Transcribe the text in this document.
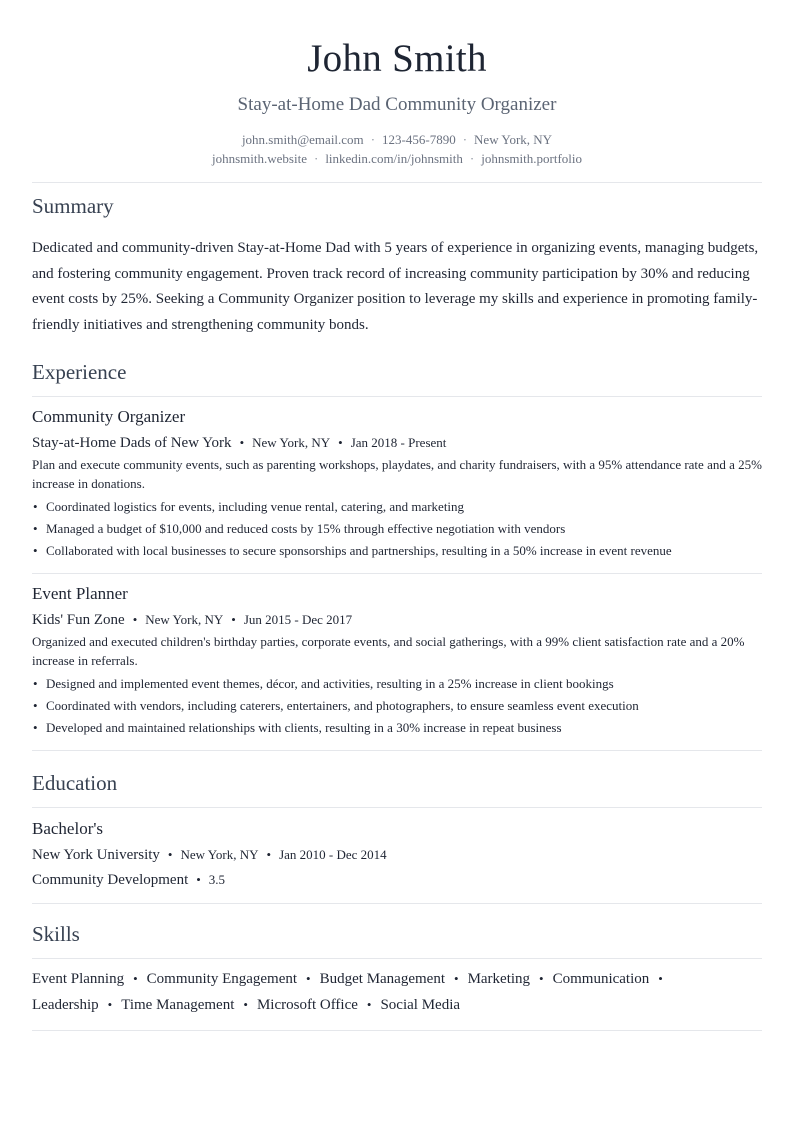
John Smith
Stay-at-Home Dad Community Organizer
john.smith@email.com · 123-456-7890 · New York, NY
johnsmith.website · linkedin.com/in/johnsmith · johnsmith.portfolio
Summary

Dedicated and community-driven Stay-at-Home Dad with 5 years of experience in organizing events, managing budgets, and fostering community engagement. Proven track record of increasing community participation by 30% and reducing event costs by 25%. Seeking a Community Organizer position to leverage my skills and experience in promoting family-friendly initiatives and strengthening community bonds.

Experience
Community Organizer
Stay-at-Home Dads of New York • New York, NY • Jan 2018 - Present

Plan and execute community events, such as parenting workshops, playdates, and charity fundraisers, with a 95% attendance rate and a 25% increase in donations.

• Coordinated logistics for events, including venue rental, catering, and marketing
• Managed a budget of $10,000 and reduced costs by 15% through effective negotiation with vendors
• Collaborated with local businesses to secure sponsorships and partnerships, resulting in a 50% increase in event revenue
Event Planner
Kids' Fun Zone • New York, NY • Jun 2015 - Dec 2017

Organized and executed children's birthday parties, corporate events, and social gatherings, with a 99% client satisfaction rate and a 20% increase in referrals.

• Designed and implemented event themes, décor, and activities, resulting in a 25% increase in client bookings
• Coordinated with vendors, including caterers, entertainers, and photographers, to ensure seamless event execution
• Developed and maintained relationships with clients, resulting in a 30% increase in repeat business
Education
Bachelor's
New York University • New York, NY • Jan 2010 - Dec 2014
Community Development • 3.5
Skills
Event Planning • Community Engagement • Budget Management • Marketing • Communication •
Leadership • Time Management • Microsoft Office • Social Media
